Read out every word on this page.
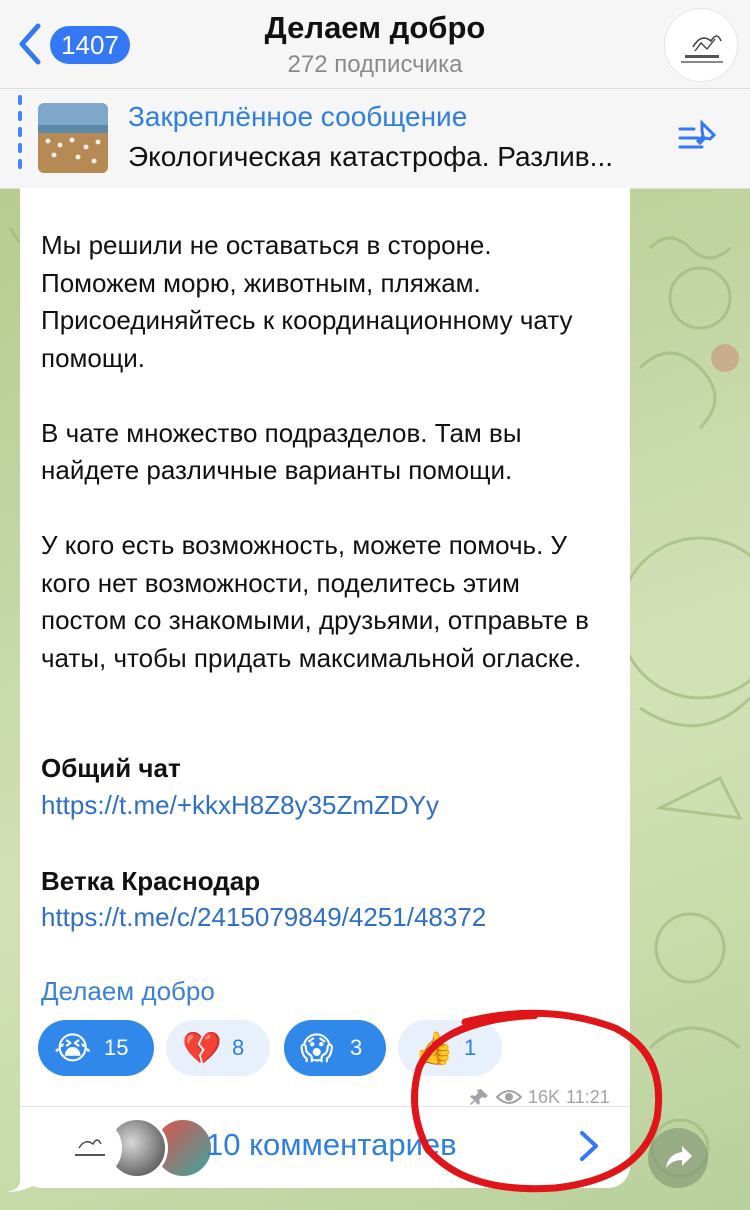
1407	Делаем добро
272 подписчика
Закреплённое сообщение
Экологическая катастрофа. Разлив...
Мы решили не оставаться в стороне. Поможем морю, животным, пляжам. Присоединяйтесь к координационному чату помощи.

В чате множество подразделов. Там вы найдете различные варианты помощи.

У кого есть возможность, можете помочь. У кого нет возможности, поделитесь этим постом со знакомыми, друзьями, отправьте в чаты, чтобы придать максимальной огласке.
Общий чат
https://t.me/+kkxH8Z8y35ZmZDYy
Ветка Краснодар
https://t.me/c/2415079849/4251/48372
Делаем добро
😭 15 💔 8 😱 3 👍 1
16K 11:21
10 комментариев
